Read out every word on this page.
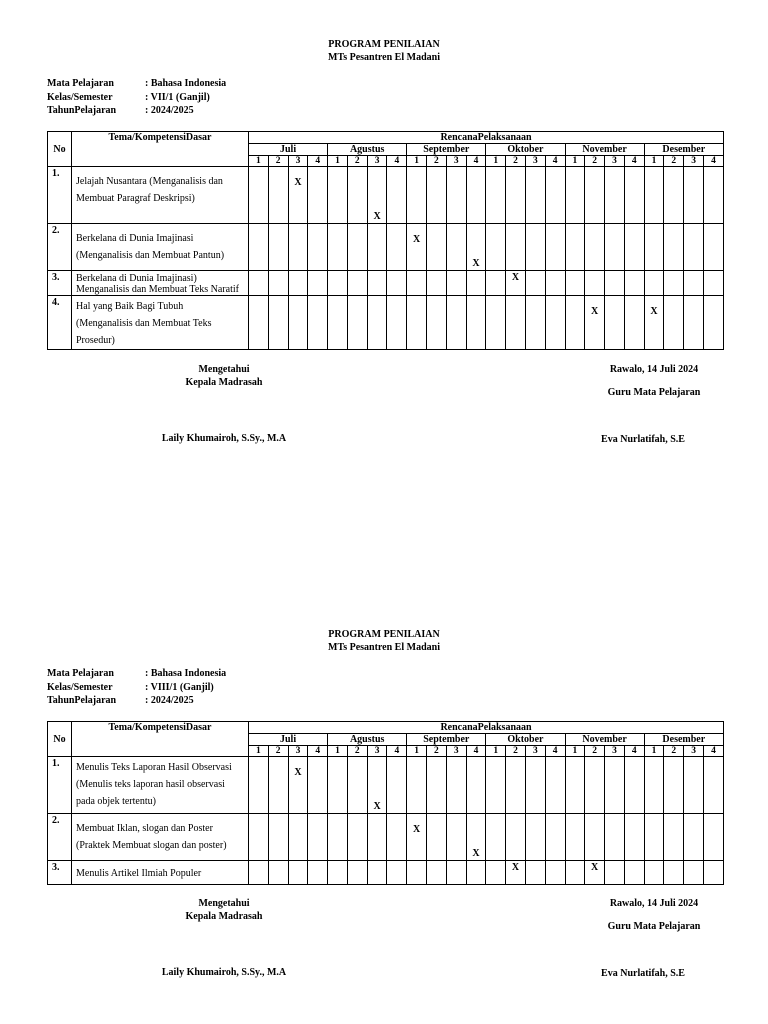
PROGRAM PENILAIAN
MTs Pesantren El Madani
Mata Pelajaran	: Bahasa Indonesia
Kelas/Semester	: VII/1 (Ganjil)
TahunPelajaran	: 2024/2025
No	Tema/KompetensiDasar	RencanaPelaksanaan																							
		Juli				Agustus				September				Oktober				November				Desember			
		1	2	3	4	1	2	3	4	1	2	3	4	1	2	3	4	1	2	3	4	1	2	3	4
1.	Jelajah Nusantara (Menganalisis dan
Membuat Paragraf Deskripsi)			X				X																	

2.	Berkelana di Dunia Imajinasi
(Menganalisis dan Membuat Pantun)									X			X												

3.	Berkelana di Dunia Imajinasi)
Menganalisis dan Membuat Teks Naratif														X										

4.	Hal yang Baik Bagi Tubuh
(Menganalisis dan Membuat Teks
Prosedur)																		X			X			

Mengetahui
Kepala Madrasah
Laily Khumairoh, S.Sy., M.A
Rawalo, 14 Juli 2024
Guru Mata Pelajaran
Eva Nurlatifah, S.E
PROGRAM PENILAIAN
MTs Pesantren El Madani
Mata Pelajaran	: Bahasa Indonesia
Kelas/Semester	: VIII/1 (Ganjil)
TahunPelajaran	: 2024/2025
No	Tema/KompetensiDasar	RencanaPelaksanaan																							
		Juli				Agustus				September				Oktober				November				Desember			
		1	2	3	4	1	2	3	4	1	2	3	4	1	2	3	4	1	2	3	4	1	2	3	4
1.	Menulis Teks Laporan Hasil Observasi
(Menulis teks laporan hasil observasi
pada objek tertentu)			X				X																	

2.	Membuat Iklan, slogan dan Poster
(Praktek Membuat slogan dan poster)									X			X												

3.	Menulis Artikel Ilmiah Populer														X				X						

Mengetahui
Kepala Madrasah
Laily Khumairoh, S.Sy., M.A
Rawalo, 14 Juli 2024
Guru Mata Pelajaran
Eva Nurlatifah, S.E
